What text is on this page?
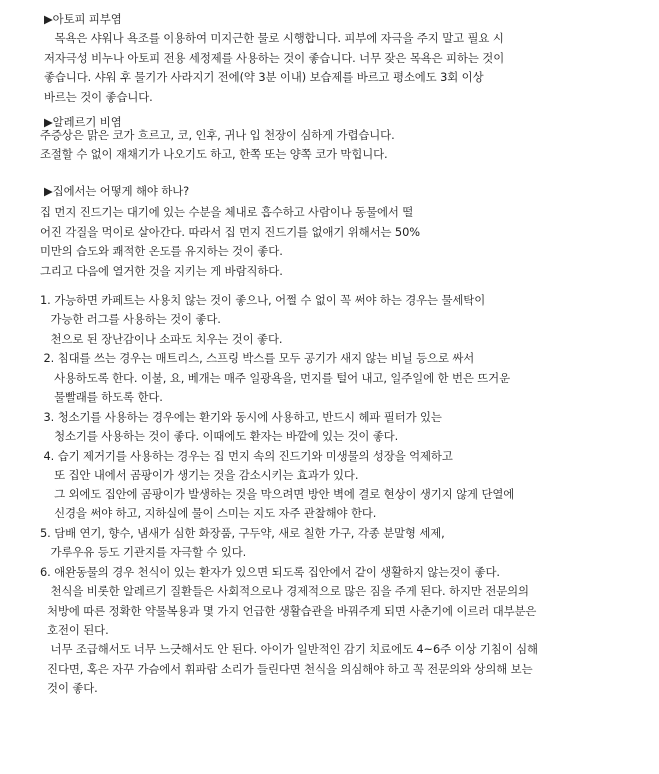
▶아토피 피부염
목욕은 샤워나 욕조를 이용하여 미지근한 물로 시행합니다. 피부에 자극을 주지 말고 필요 시
저자극성 비누나 아토피 전용 세정제를 사용하는 것이 좋습니다. 너무 잦은 목욕은 피하는 것이
좋습니다. 샤워 후 물기가 사라지기 전에(약 3분 이내) 보습제를 바르고 평소에도 3회 이상
바르는 것이 좋습니다.
▶알레르기 비염
주증상은 맑은 코가 흐르고, 코, 인후, 귀나 입 천장이 심하게 가렵습니다.
조절할 수 없이 재채기가 나오기도 하고, 한쪽 또는 양쪽 코가 막힙니다.
▶집에서는 어떻게 해야 하나?
집 먼지 진드기는 대기에 있는 수분을 체내로 흡수하고 사람이나 동물에서 떨
어진 각질을 먹이로 살아간다. 따라서 집 먼지 진드기를 없애기 위해서는 50%
미만의 습도와 쾌적한 온도를 유지하는 것이 좋다.
그리고 다음에 열거한 것을 지키는 게 바람직하다.
1. 가능하면 카페트는 사용치 않는 것이 좋으나, 어쩔 수 없이 꼭 써야 하는 경우는 물세탁이
가능한 러그를 사용하는 것이 좋다.
천으로 된 장난감이나 소파도 치우는 것이 좋다.
2. 침대를 쓰는 경우는 매트리스, 스프링 박스를 모두 공기가 새지 않는 비닐 등으로 싸서
사용하도록 한다. 이불, 요, 베개는 매주 일광욕을, 먼지를 털어 내고, 일주일에 한 번은 뜨거운
물빨래를 하도록 한다.
3. 청소기를 사용하는 경우에는 환기와 동시에 사용하고, 반드시 헤파 필터가 있는
청소기를 사용하는 것이 좋다. 이때에도 환자는 바깥에 있는 것이 좋다.
4. 습기 제거기를 사용하는 경우는 집 먼지 속의 진드기와 미생물의 성장을 억제하고
또 집안 내에서 곰팡이가 생기는 것을 감소시키는 효과가 있다.
그 외에도 집안에 곰팡이가 발생하는 것을 막으려면 방안 벽에 결로 현상이 생기지 않게 단열에
신경을 써야 하고, 지하실에 물이 스미는 지도 자주 관찰해야 한다.
5. 담배 연기, 향수, 냄새가 심한 화장품, 구두약, 새로 칠한 가구, 각종 분말형 세제,
가루우유 등도 기관지를 자극할 수 있다.
6. 애완동물의 경우 천식이 있는 환자가 있으면 되도록 집안에서 같이 생활하지 않는것이 좋다.
천식을 비롯한 알레르기 질환들은 사회적으로나 경제적으로 많은 짐을 주게 된다. 하지만 전문의의
처방에 따른 정확한 약물복용과 몇 가지 언급한 생활습관을 바꿔주게 되면 사춘기에 이르러 대부분은
호전이 된다.
너무 조급해서도 너무 느긋해서도 안 된다. 아이가 일반적인 감기 치료에도 4~6주 이상 기침이 심해
진다면, 혹은 자꾸 가슴에서 휘파람 소리가 들린다면 천식을 의심해야 하고 꼭 전문의와 상의해 보는
것이 좋다.
